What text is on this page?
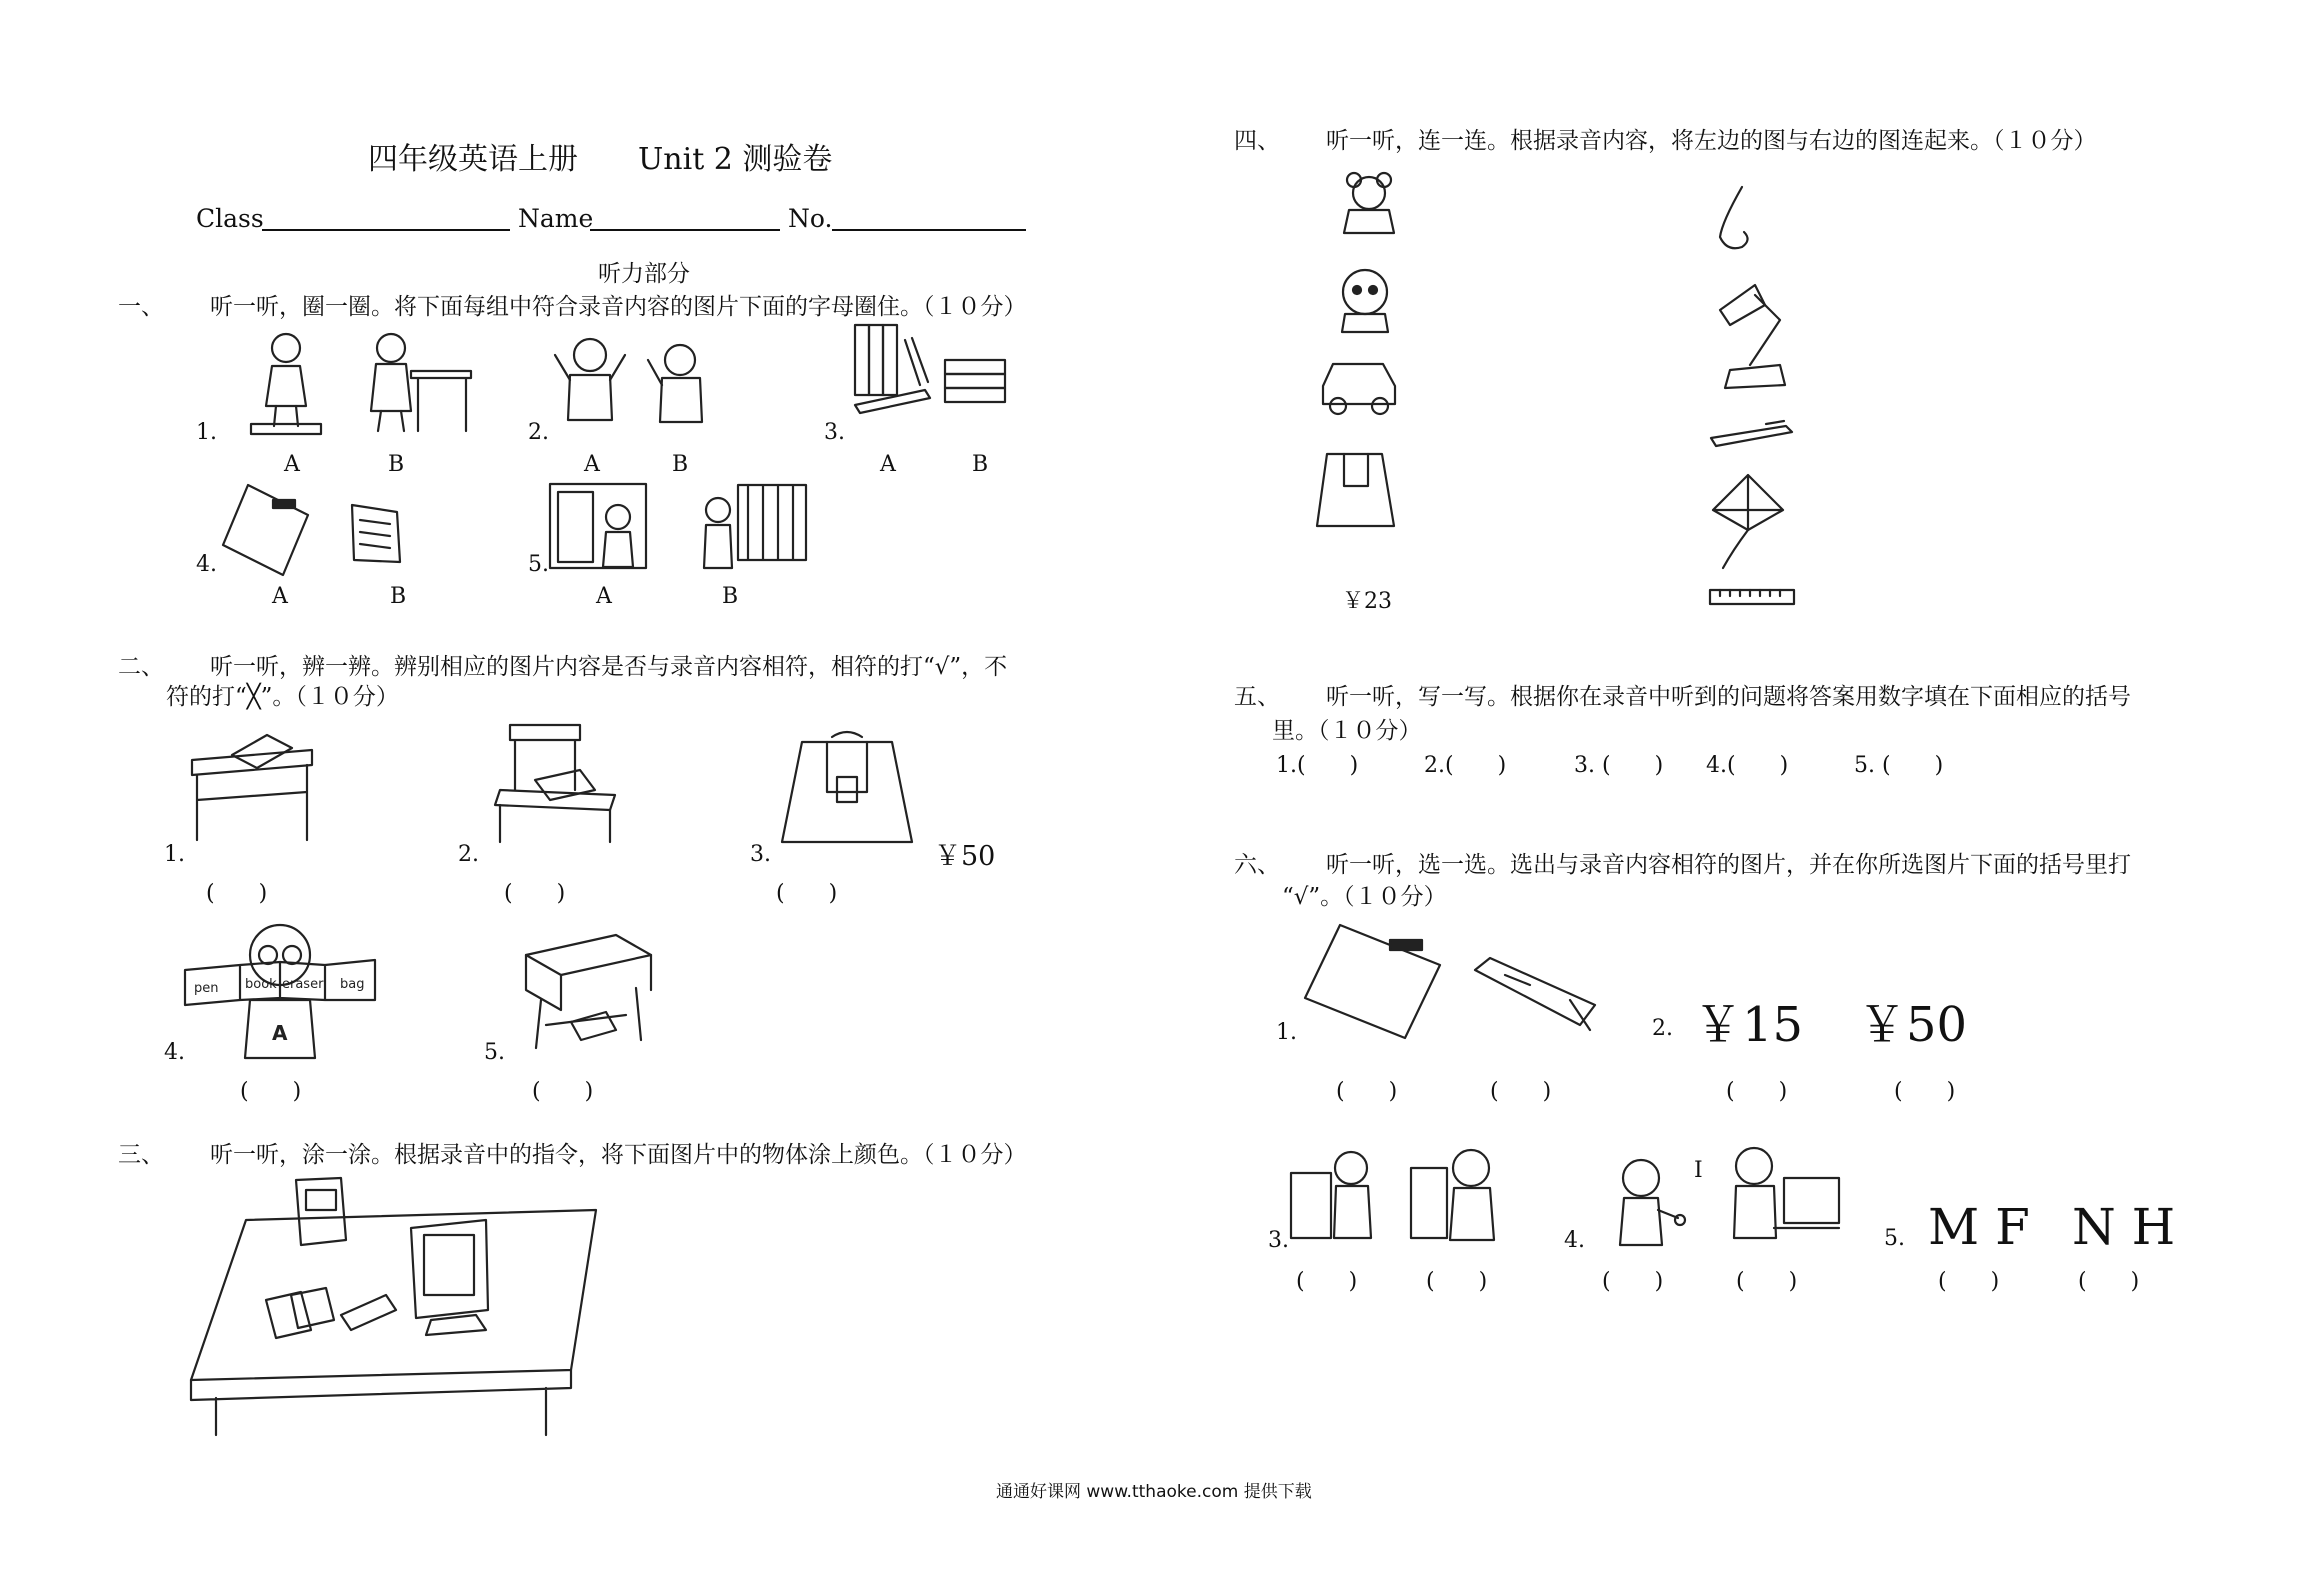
四年级英语上册　　Unit 2 测验卷
Class	Name	No.
听力部分
一、 听一听，圈一圈。将下面每组中符合录音内容的图片下面的字母圈住。（１０分）
1.
A	B
2.
A	B
3.
A	B
4.
A	B
5.
A	B
二、 听一听，辨一辨。辨别相应的图片内容是否与录音内容相符，相符的打“√”，不
符的打“╳”。（１０分）
1.
(　　)
2.
(　　)
3.	￥50
(　　)
4.
pen book eraser bag
A
(　　)
5.
(　　)
三、 听一听，涂一涂。根据录音中的指令，将下面图片中的物体涂上颜色。（１０分）
四、 听一听，连一连。根据录音内容，将左边的图与右边的图连起来。（１０分）
￥23
五、 听一听，写一写。根据你在录音中听到的问题将答案用数字填在下面相应的括号
里。（１０分）
1.(　　)	2.(　　)	3. (　　) 4.(　　)	5. (　　)
六、 听一听，选一选。选出与录音内容相符的图片，并在你所选图片下面的括号里打
“√”。（１０分）
1.
(　　)	(　　)
2. ￥15 ￥50
(　　)	(　　)
3.
(　　)	(　　)
4.
I
(　　)	(　　)
5. M F N H
(　　)	(　　)
通通好课网 www.tthaoke.com 提供下载
